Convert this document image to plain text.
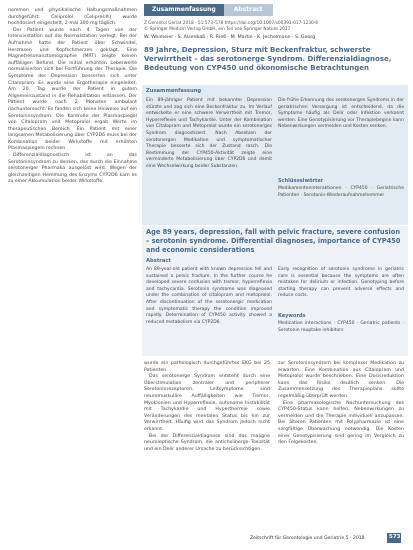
nommen und physikalische Haltungsmaßnahmen durchgeführt. Celiprolol (Celipres®) wurde hochdosiert eingestellt, 2-mal 300 mg täglich.

Der Patient wurde nach 4 Tagen von der Intensivstation auf die Normalstation verlegt. Bei der Aufnahme hatte der Patient über Schwindel, Herzrasen und Kopfschmerzen geklagt. Eine Magnetresonanztomographie (MRT) zeigte keinen auffälligen Befund. Die initial erhöhten Leberwerte normalisierten sich bei Fortführung der Therapie. Die Symptome der Depression besserten sich unter Citalopram. Es wurde eine Ergotherapie eingeleitet. Am 20. Tag wurde der Patient in gutem Allgemeinzustand in die Rehabilitation entlassen. Der Patient wurde nach 2 Monaten ambulant nachuntersucht. Es fanden sich keine Hinweise auf ein Serotoninsyndrom. Die Kontrolle der Plasmaspiegel von Citalopram und Metoprolol ergab Werte im therapeutischen Bereich. Ein Patient mit einer langsamen Metabolisierung über CYP2D6 muss bei der Kombination beider Wirkstoffe mit erhöhten Plasmaspiegeln rechnen.

Differenzialdiagnostisch ist an das Serotoninsyndrom zu denken, das durch die Einnahme serotonerger Pharmaka ausgelöst wird. Wegen der gleichzeitigen Hemmung des Enzyms CYP2D6 kam es zu einer Akkumulation beider Wirkstoffe.

Zusammenfassung	Abstract
Z Gerontol Geriat 2018 · 51:573–578 https://doi.org/10.1007/s00391-017-1230-6
© Springer Medizin Verlag GmbH, ein Teil von Springer Nature 2017
W. Weimeier · S. Alsenbaß · R. Rieß · M. Martin · K. Jechelmann · S. Georg
89 Jahre, Depression, Sturz mit Beckenfraktur, schwerste Verwirrtheit – das serotonerge Syndrom. Differenzialdiagnose, Bedeutung von CYP450 und ökonomische Betrachtungen
Zusammenfassung
Ein 89-jähriger Patient mit bekannter Depression stürzte und zog sich eine Beckenfraktur zu. Im Verlauf entwickelte er eine schwere Verwirrtheit mit Tremor, Hyperreflexie und Tachykardie. Unter der Kombination von Citalopram und Metoprolol wurde ein serotonerges Syndrom diagnostiziert. Nach Absetzen der serotonergen Medikation und symptomatischer Therapie besserte sich der Zustand rasch. Die Bestimmung der CYP450-Aktivität zeigte eine verminderte Metabolisierung über CYP2D6 und damit eine Wechselwirkung beider Substanzen.
Die frühe Erkennung des serotonergen Syndroms in der geriatrischen Versorgung ist entscheidend, da die Symptome häufig als Delir oder Infektion verkannt werden. Eine Genotypisierung vor Therapiebeginn kann Nebenwirkungen vermeiden und Kosten senken.
Schlüsselwörter
Medikamenteninteraktionen · CYP450 · Geriatrische Patienten · Serotonin-Wiederaufnahmehemmer
Age 89 years, depression, fall with pelvic fracture, severe confusion – serotonin syndrome. Differential diagnoses, importance of CYP450 and economic considerations
Abstract
An 89-year-old patient with known depression fell and sustained a pelvic fracture. In the further course he developed severe confusion with tremor, hyperreflexia and tachycardia. Serotonin syndrome was diagnosed under the combination of citalopram and metoprolol. After discontinuation of the serotonergic medication and symptomatic therapy the condition improved rapidly. Determination of CYP450 activity showed a reduced metabolism via CYP2D6.
Early recognition of serotonin syndrome in geriatric care is essential because the symptoms are often mistaken for delirium or infection. Genotyping before starting therapy can prevent adverse effects and reduce costs.
Keywords
Medication interactions · CYP450 · Geriatric patients · Serotonin reuptake inhibitors

wurde ein pathologisch durchgeführtes EKG bei 25 Patienten.

Das serotonerge Syndrom entsteht durch eine Überstimulation zentraler und peripherer Serotoninrezeptoren. Leitsymptome sind neuromuskuläre Auffälligkeiten wie Tremor, Myoklonien und Hyperreflexie, autonome Instabilität mit Tachykardie und Hyperthermie sowie Veränderungen des mentalen Status bis hin zur Verwirrtheit. Häufig wird das Syndrom jedoch nicht erkannt.

Bei der Differenzialdiagnose sind das maligne neuroleptische Syndrom, die anticholinerge Toxizität und ein Delir anderer Ursache zu berücksichtigen.

zur Serotoninsyndrom bei komplexer Medikation zu erwarten. Eine Kombination aus Citalopram und Metoprolol wurde beschrieben. Eine Dosisreduktion kann das Risiko deutlich senken. Die Zusammensetzung des Therapieplans sollte regelmäßig überprüft werden.

Eine pharmakologische Nachuntersuchung des CYP450-Status kann helfen, Nebenwirkungen zu vermeiden und die Therapie individuell anzupassen. Bei älteren Patienten mit Polypharmazie ist eine sorgfältige Überwachung notwendig. Die Kosten einer Genotypisierung sind gering im Vergleich zu den Folgekosten.

Zeitschrift für Gerontologie und Geriatrie 5 · 2018	573
